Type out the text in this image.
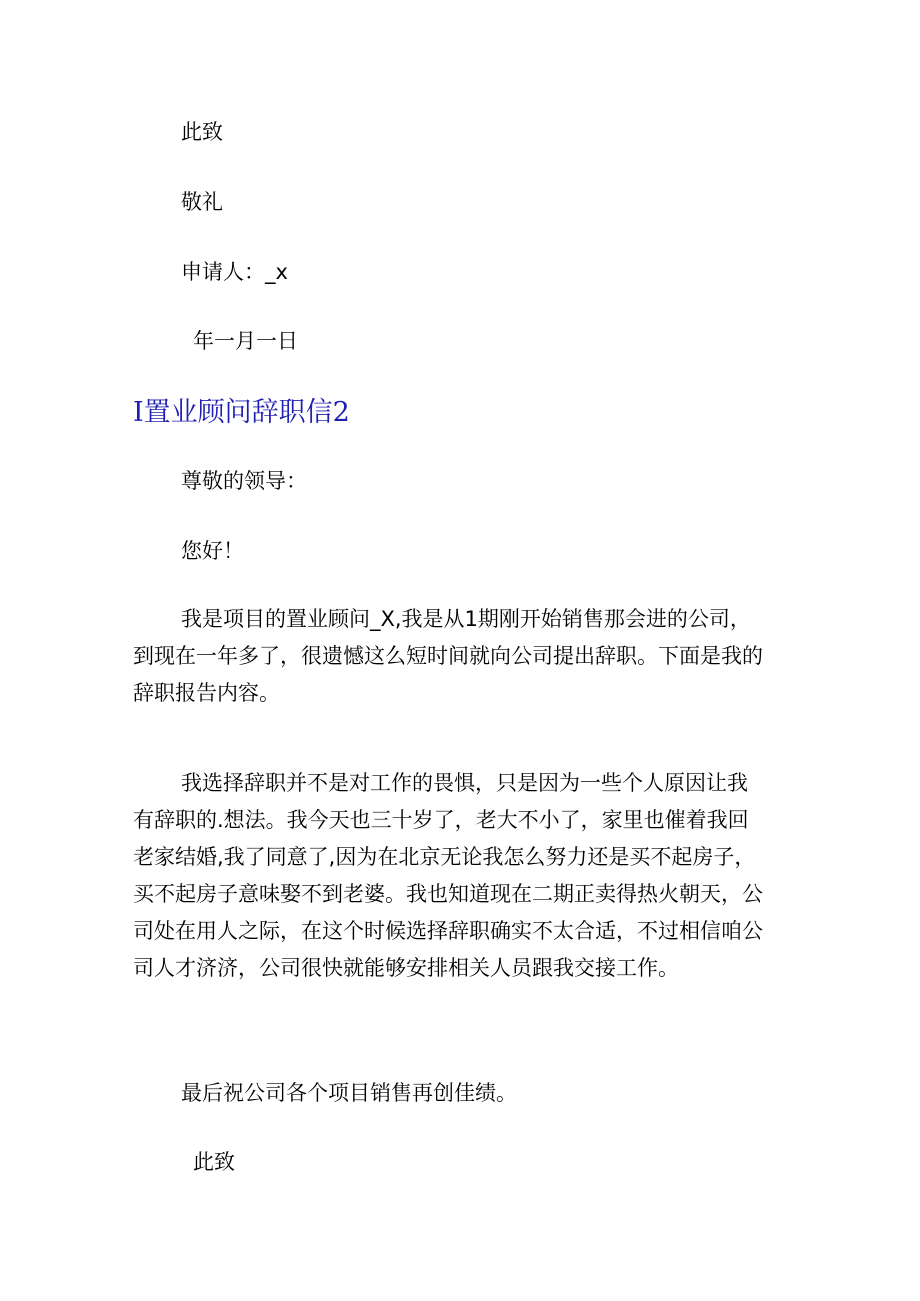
此致

敬礼

申请人：_x

年一月一日

I置业顾问辞职信2

尊敬的领导：

您好！

我是项目的置业顾问_X,我是从1期刚开始销售那会进的公司，
到现在一年多了，很遗憾这么短时间就向公司提出辞职。下面是我的
辞职报告内容。
我选择辞职并不是对工作的畏惧，只是因为一些个人原因让我
有辞职的.想法。我今天也三十岁了，老大不小了，家里也催着我回
老家结婚,我了同意了,因为在北京无论我怎么努力还是买不起房子，
买不起房子意味娶不到老婆。我也知道现在二期正卖得热火朝天，公
司处在用人之际，在这个时候选择辞职确实不太合适，不过相信咱公
司人才济济，公司很快就能够安排相关人员跟我交接工作。

最后祝公司各个项目销售再创佳绩。

此致
